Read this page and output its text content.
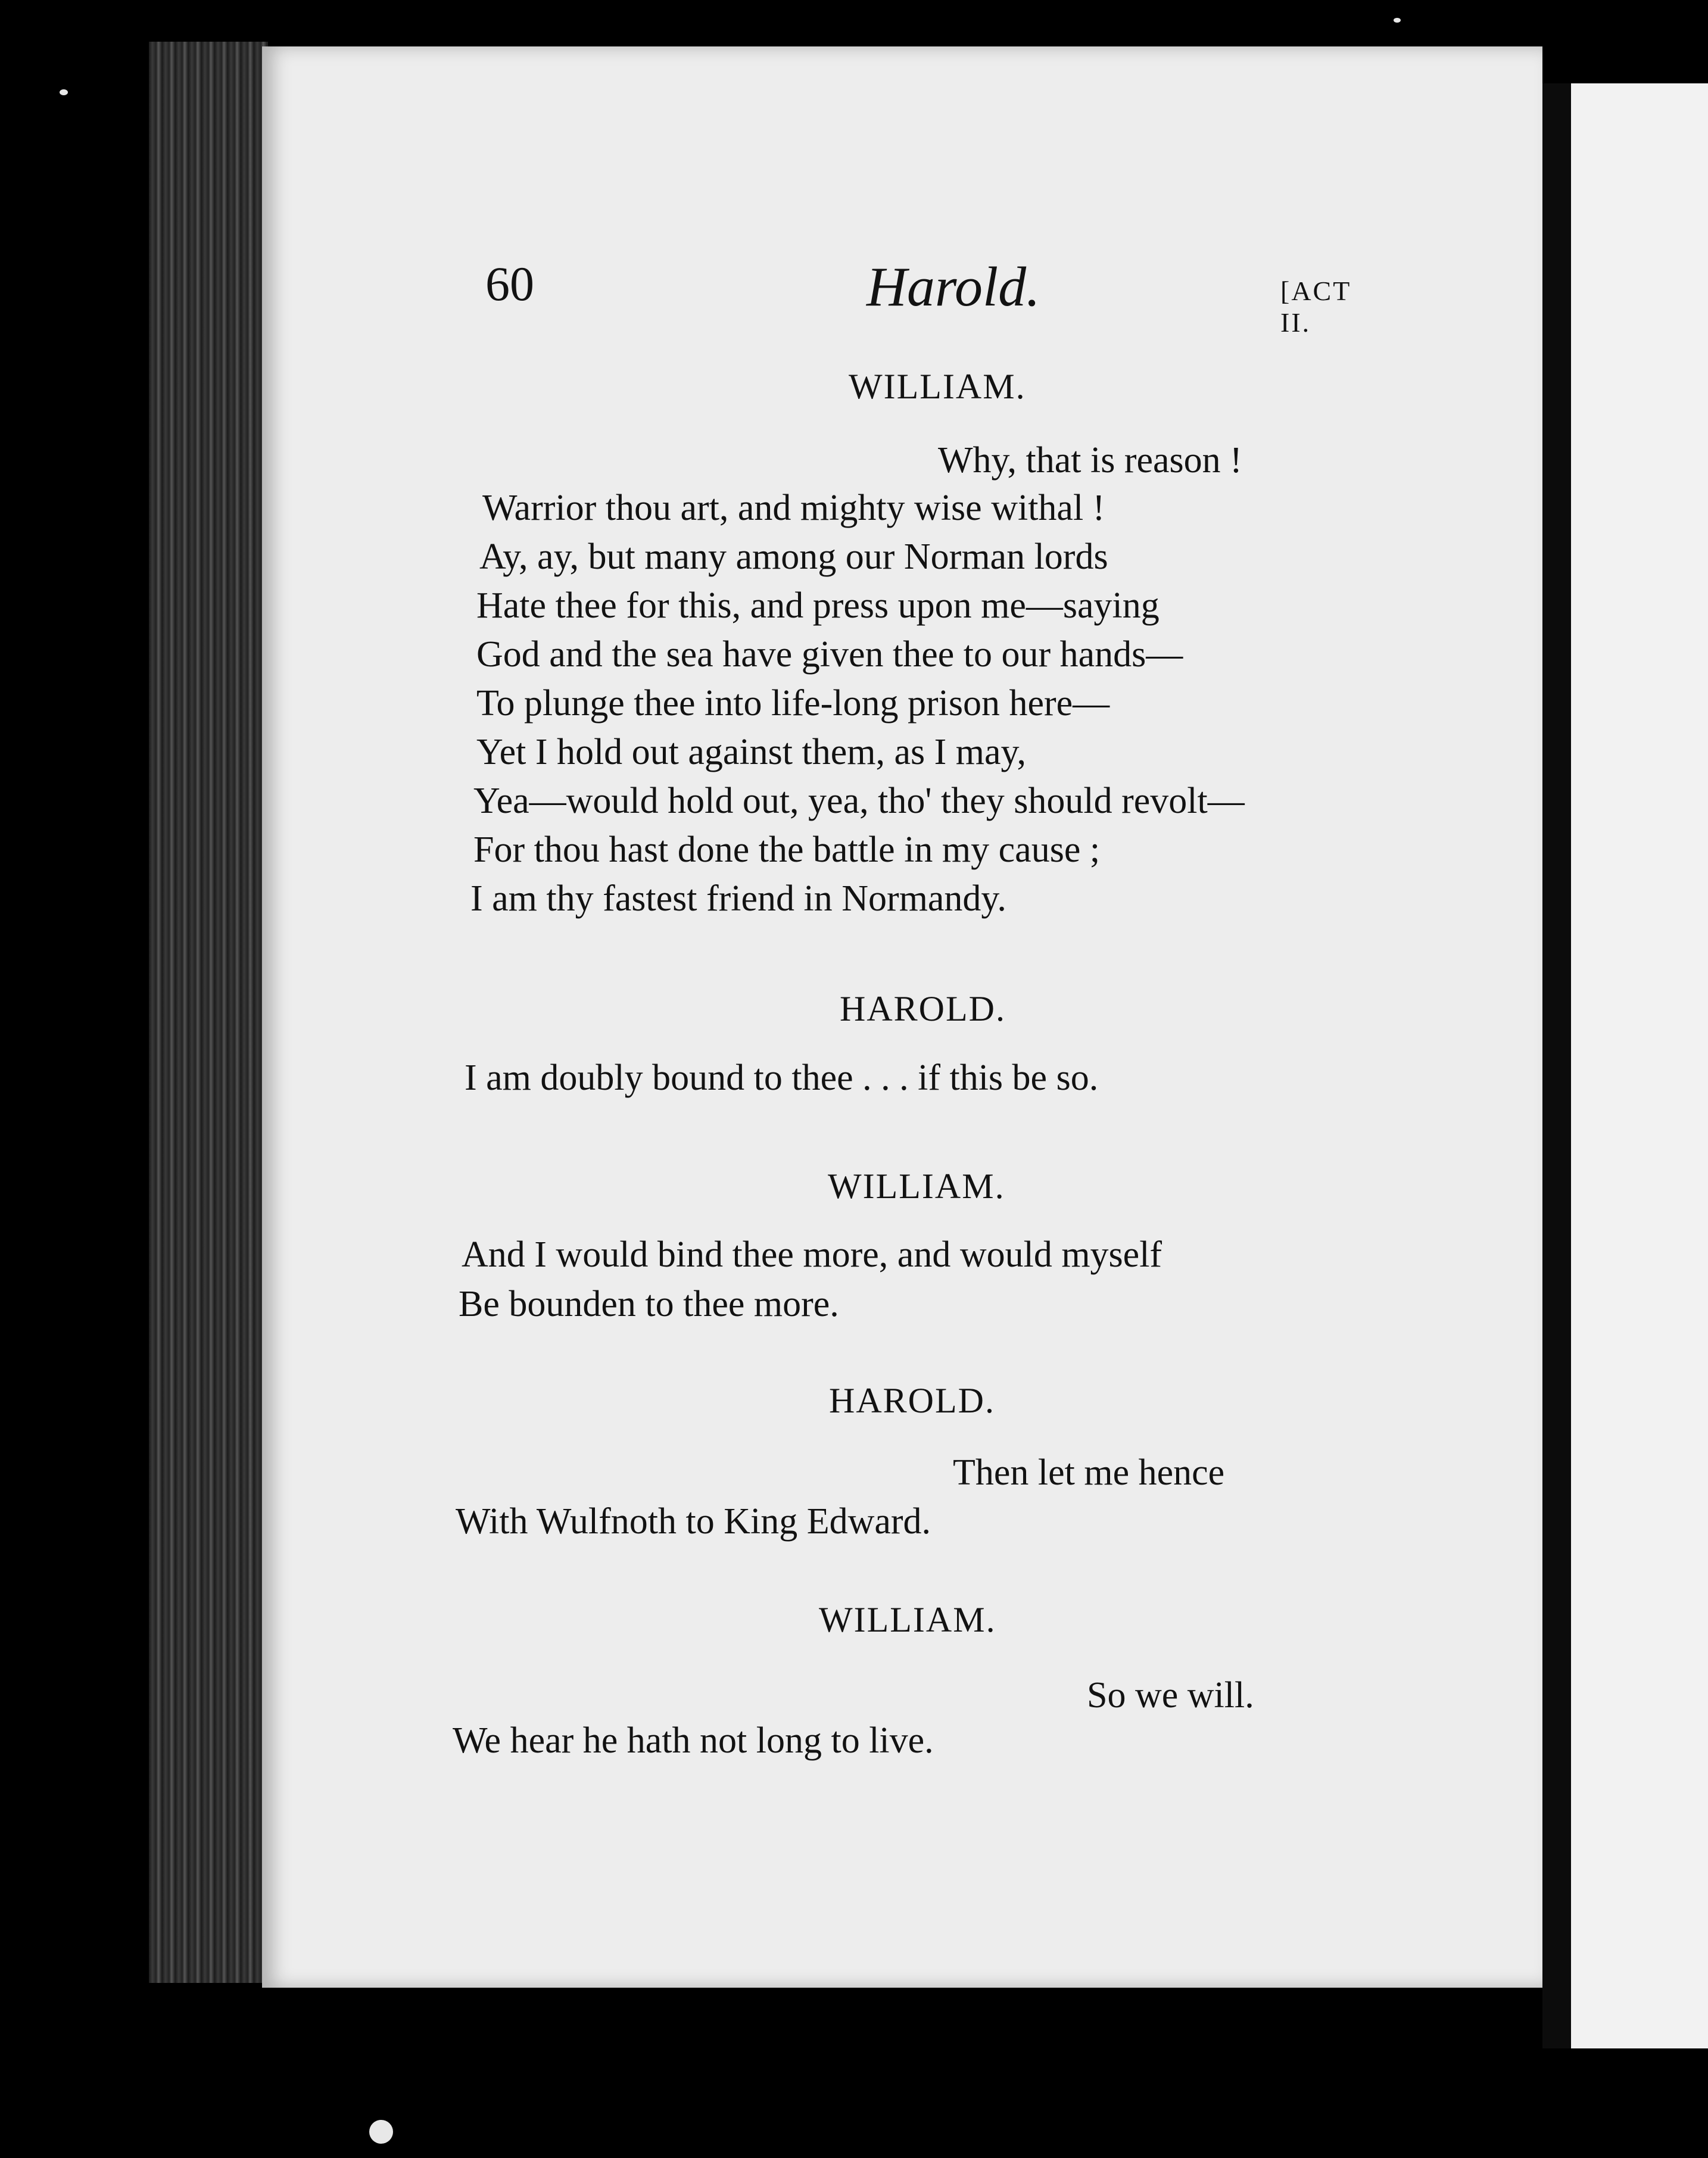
60	Harold.	[ACT II.
WILLIAM.
Why, that is reason !
Warrior thou art, and mighty wise withal !
Ay, ay, but many among our Norman lords
Hate thee for this, and press upon me—saying
God and the sea have given thee to our hands—
To plunge thee into life-long prison here—
Yet I hold out against them, as I may,
Yea—would hold out, yea, tho' they should revolt—
For thou hast done the battle in my cause ;
I am thy fastest friend in Normandy.
HAROLD.
I am doubly bound to thee . . . if this be so.
WILLIAM.
And I would bind thee more, and would myself
Be bounden to thee more.
HAROLD.
Then let me hence
With Wulfnoth to King Edward.
WILLIAM.
So we will.
We hear he hath not long to live.
